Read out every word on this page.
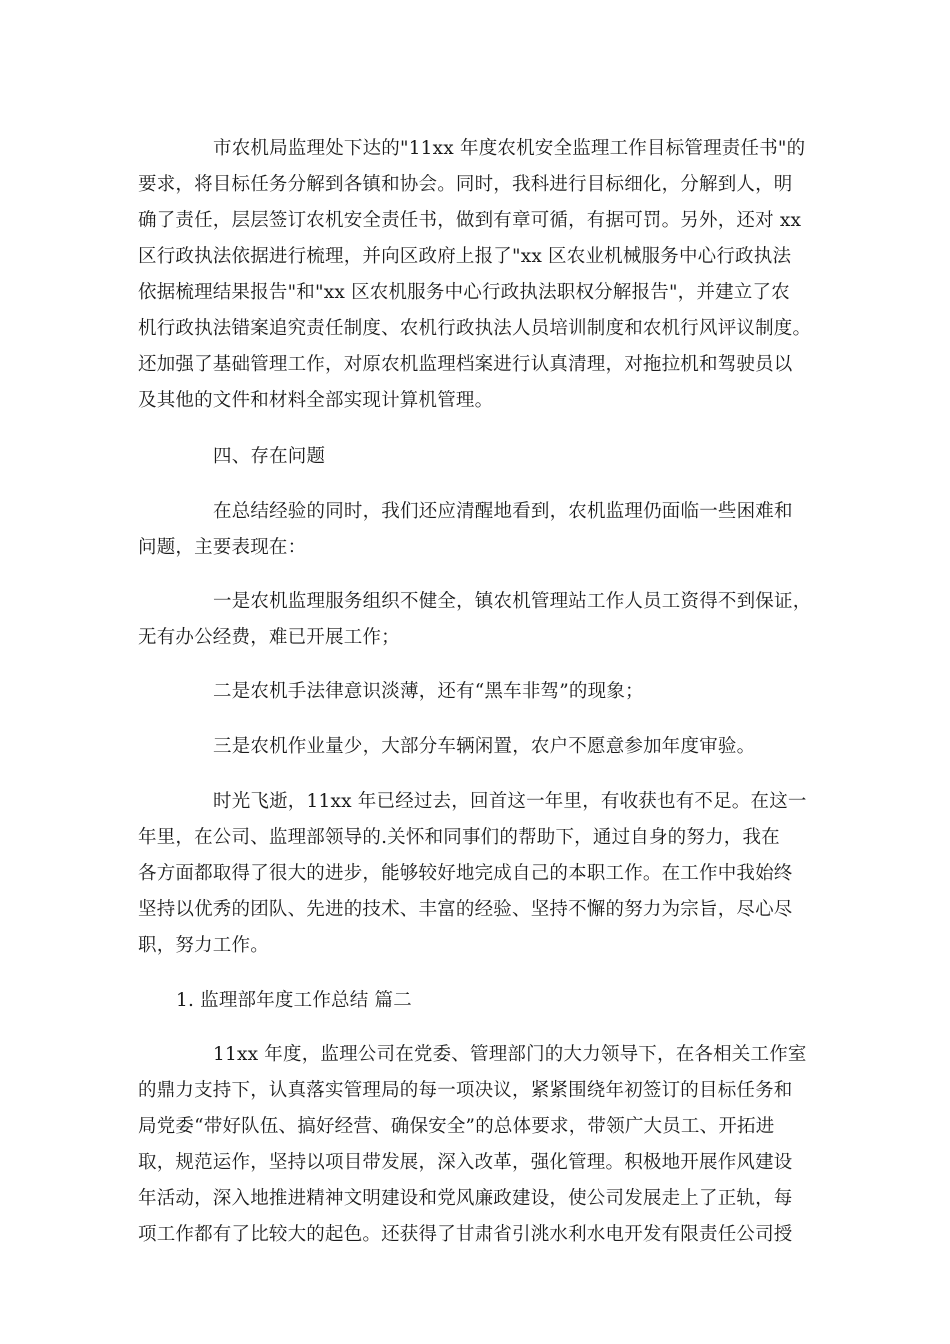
市农机局监理处下达的"11xx 年度农机安全监理工作目标管理责任书"的
要求，将目标任务分解到各镇和协会。同时，我科进行目标细化，分解到人，明
确了责任，层层签订农机安全责任书，做到有章可循，有据可罚。另外，还对 xx
区行政执法依据进行梳理，并向区政府上报了"xx 区农业机械服务中心行政执法
依据梳理结果报告"和"xx 区农机服务中心行政执法职权分解报告"，并建立了农
机行政执法错案追究责任制度、农机行政执法人员培训制度和农机行风评议制度。
还加强了基础管理工作，对原农机监理档案进行认真清理，对拖拉机和驾驶员以
及其他的文件和材料全部实现计算机管理。
四、存在问题
在总结经验的同时，我们还应清醒地看到，农机监理仍面临一些困难和
问题，主要表现在：
一是农机监理服务组织不健全，镇农机管理站工作人员工资得不到保证，
无有办公经费，难已开展工作；
二是农机手法律意识淡薄，还有“黑车非驾”的现象；
三是农机作业量少，大部分车辆闲置，农户不愿意参加年度审验。
时光飞逝，11xx 年已经过去，回首这一年里，有收获也有不足。在这一
年里，在公司、监理部领导的.关怀和同事们的帮助下，通过自身的努力，我在
各方面都取得了很大的进步，能够较好地完成自己的本职工作。在工作中我始终
坚持以优秀的团队、先进的技术、丰富的经验、坚持不懈的努力为宗旨，尽心尽
职，努力工作。
1. 监理部年度工作总结 篇二
11xx 年度，监理公司在党委、管理部门的大力领导下，在各相关工作室
的鼎力支持下，认真落实管理局的每一项决议，紧紧围绕年初签订的目标任务和
局党委“带好队伍、搞好经营、确保安全”的总体要求，带领广大员工、开拓进
取，规范运作，坚持以项目带发展，深入改革，强化管理。积极地开展作风建设
年活动，深入地推进精神文明建设和党风廉政建设，使公司发展走上了正轨，每
项工作都有了比较大的起色。还获得了甘肃省引洮水利水电开发有限责任公司授
